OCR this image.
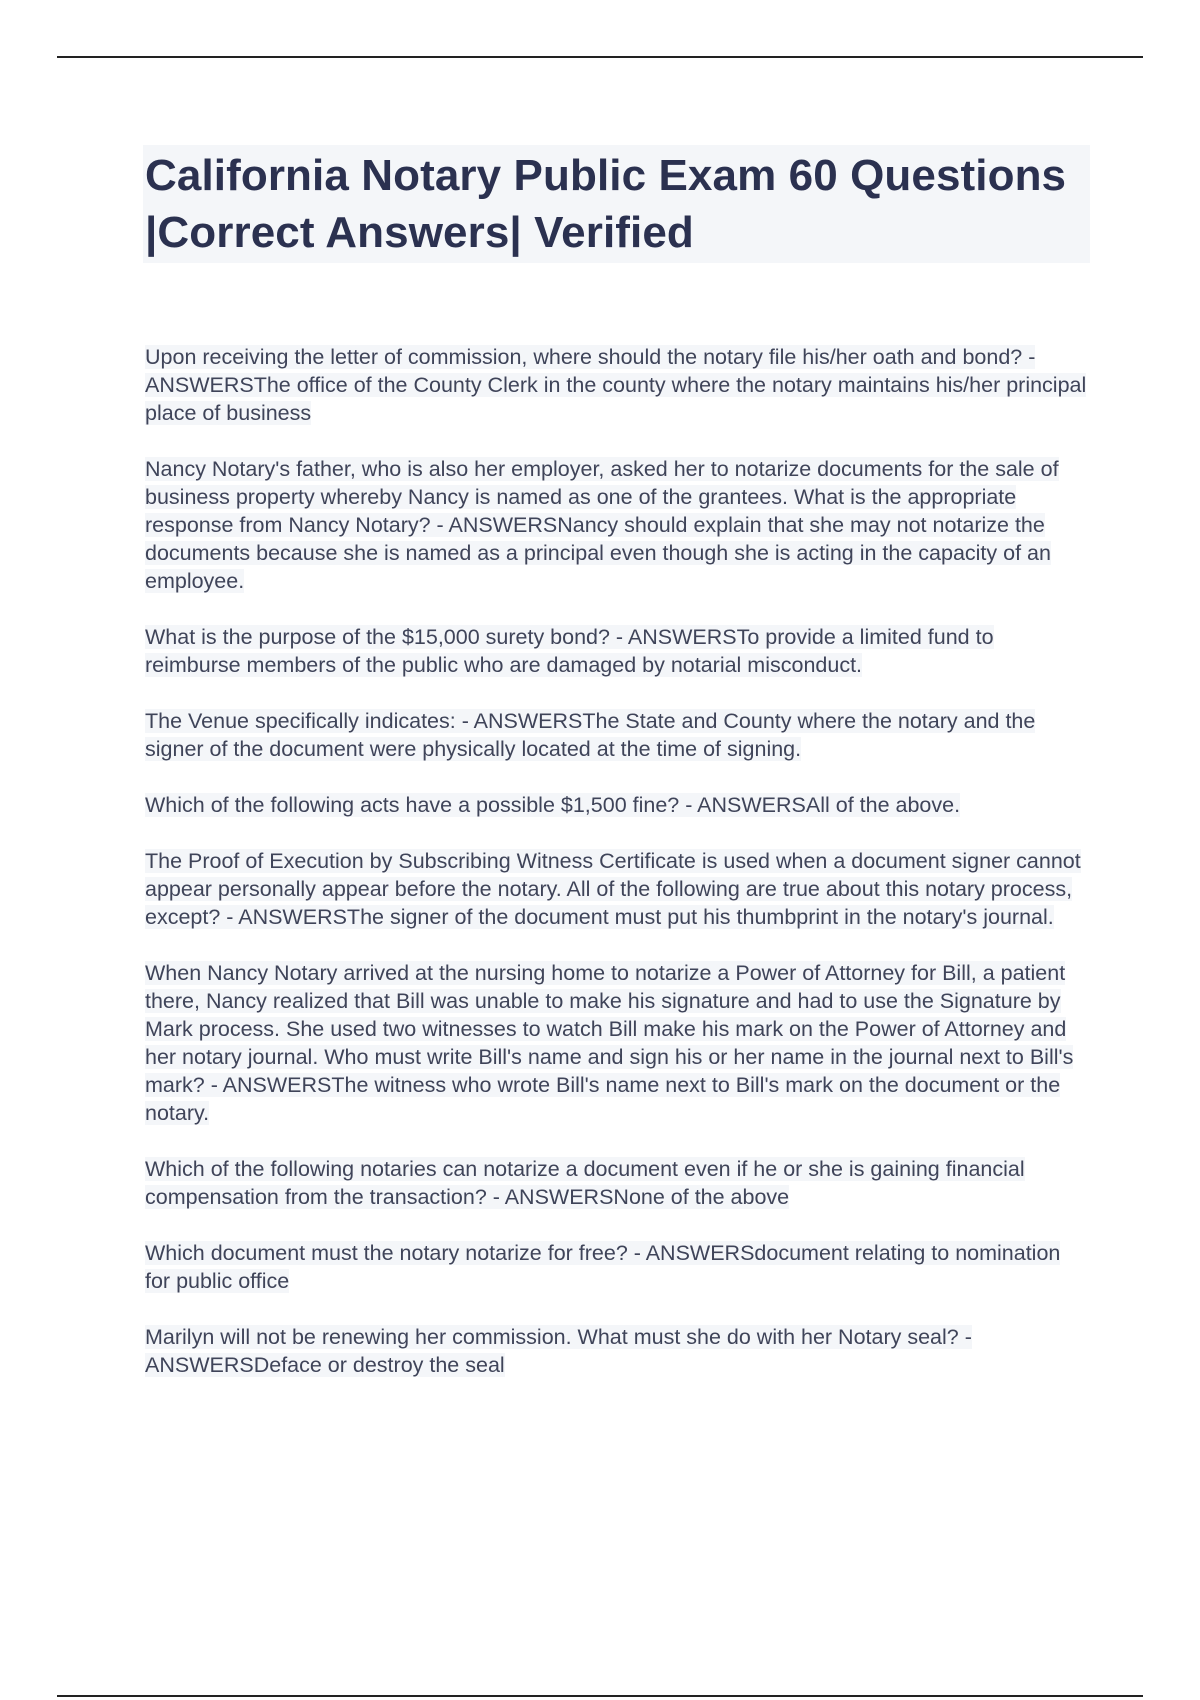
California Notary Public Exam 60 Questions |Correct Answers| Verified

Upon receiving the letter of commission, where should the notary file his/her oath and bond? - ANSWERSThe office of the County Clerk in the county where the notary maintains his/her principal place of business

Nancy Notary's father, who is also her employer, asked her to notarize documents for the sale of business property whereby Nancy is named as one of the grantees. What is the appropriate response from Nancy Notary? - ANSWERSNancy should explain that she may not notarize the documents because she is named as a principal even though she is acting in the capacity of an employee.

What is the purpose of the $15,000 surety bond? - ANSWERSTo provide a limited fund to reimburse members of the public who are damaged by notarial misconduct.

The Venue specifically indicates: - ANSWERSThe State and County where the notary and the signer of the document were physically located at the time of signing.

Which of the following acts have a possible $1,500 fine? - ANSWERSAll of the above.

The Proof of Execution by Subscribing Witness Certificate is used when a document signer cannot appear personally appear before the notary. All of the following are true about this notary process, except? - ANSWERSThe signer of the document must put his thumbprint in the notary's journal.

When Nancy Notary arrived at the nursing home to notarize a Power of Attorney for Bill, a patient there, Nancy realized that Bill was unable to make his signature and had to use the Signature by Mark process. She used two witnesses to watch Bill make his mark on the Power of Attorney and her notary journal. Who must write Bill's name and sign his or her name in the journal next to Bill's mark? - ANSWERSThe witness who wrote Bill's name next to Bill's mark on the document or the notary.

Which of the following notaries can notarize a document even if he or she is gaining financial compensation from the transaction? - ANSWERSNone of the above

Which document must the notary notarize for free? - ANSWERSdocument relating to nomination for public office

Marilyn will not be renewing her commission. What must she do with her Notary seal? - ANSWERSDeface or destroy the seal
